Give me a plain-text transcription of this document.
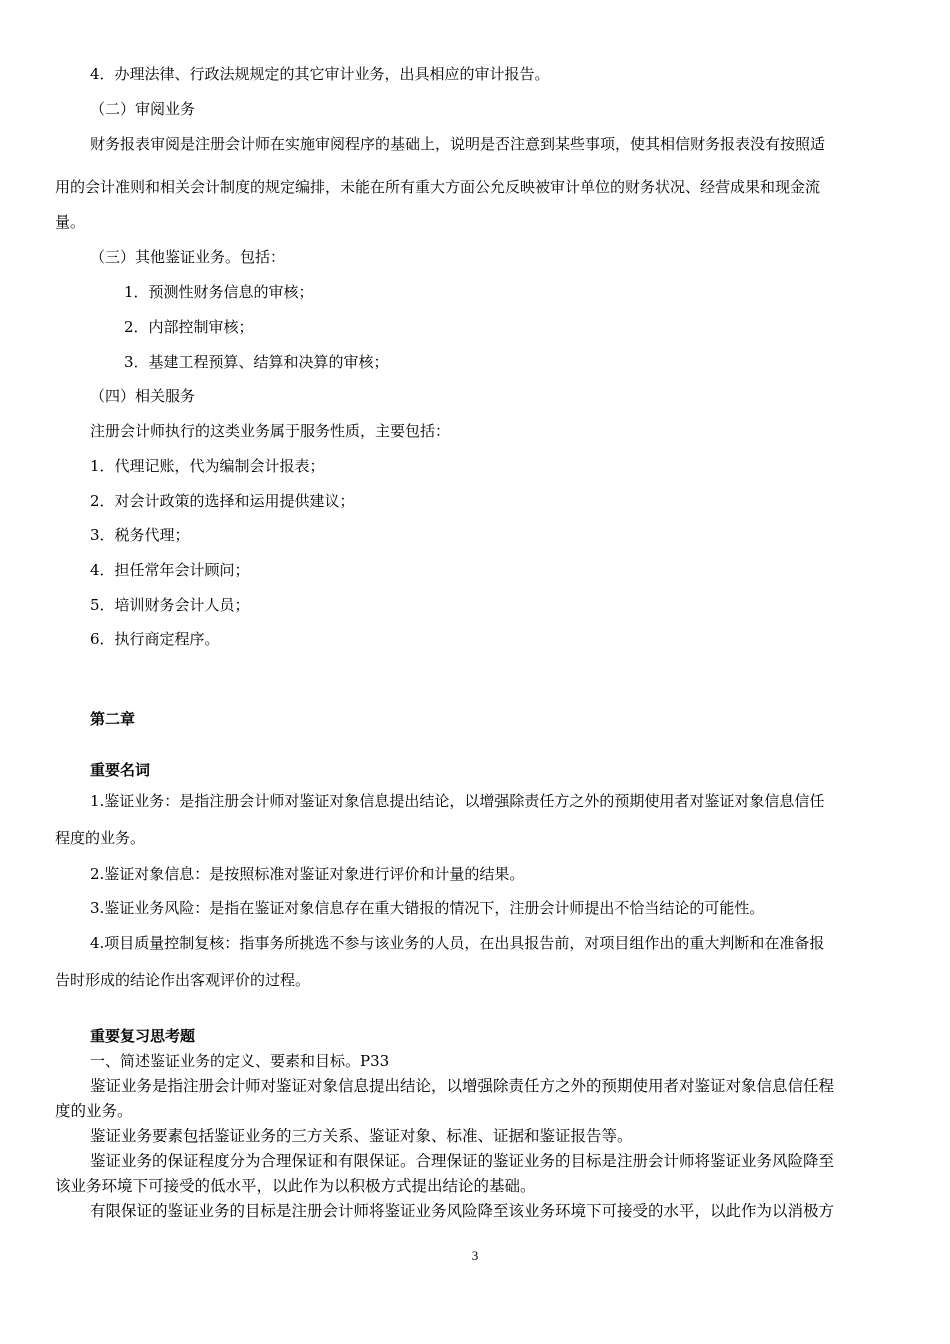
4．办理法律、行政法规规定的其它审计业务，出具相应的审计报告。
（二）审阅业务
财务报表审阅是注册会计师在实施审阅程序的基础上，说明是否注意到某些事项，使其相信财务报表没有按照适
用的会计准则和相关会计制度的规定编排，未能在所有重大方面公允反映被审计单位的财务状况、经营成果和现金流
量。
（三）其他鉴证业务。包括：
1．预测性财务信息的审核；
2．内部控制审核；
3．基建工程预算、结算和决算的审核；
（四）相关服务
注册会计师执行的这类业务属于服务性质，主要包括：
1．代理记账，代为编制会计报表；
2．对会计政策的选择和运用提供建议；
3．税务代理；
4．担任常年会计顾问；
5．培训财务会计人员；
6．执行商定程序。
第二章
重要名词
1.鉴证业务：是指注册会计师对鉴证对象信息提出结论，以增强除责任方之外的预期使用者对鉴证对象信息信任
程度的业务。
2.鉴证对象信息：是按照标准对鉴证对象进行评价和计量的结果。
3.鉴证业务风险：是指在鉴证对象信息存在重大错报的情况下，注册会计师提出不恰当结论的可能性。
4.项目质量控制复核：指事务所挑选不参与该业务的人员，在出具报告前，对项目组作出的重大判断和在准备报
告时形成的结论作出客观评价的过程。
重要复习思考题
一、简述鉴证业务的定义、要素和目标。P33
鉴证业务是指注册会计师对鉴证对象信息提出结论，以增强除责任方之外的预期使用者对鉴证对象信息信任程
度的业务。
鉴证业务要素包括鉴证业务的三方关系、鉴证对象、标准、证据和鉴证报告等。
鉴证业务的保证程度分为合理保证和有限保证。合理保证的鉴证业务的目标是注册会计师将鉴证业务风险降至
该业务环境下可接受的低水平，以此作为以积极方式提出结论的基础。
有限保证的鉴证业务的目标是注册会计师将鉴证业务风险降至该业务环境下可接受的水平，以此作为以消极方
3
